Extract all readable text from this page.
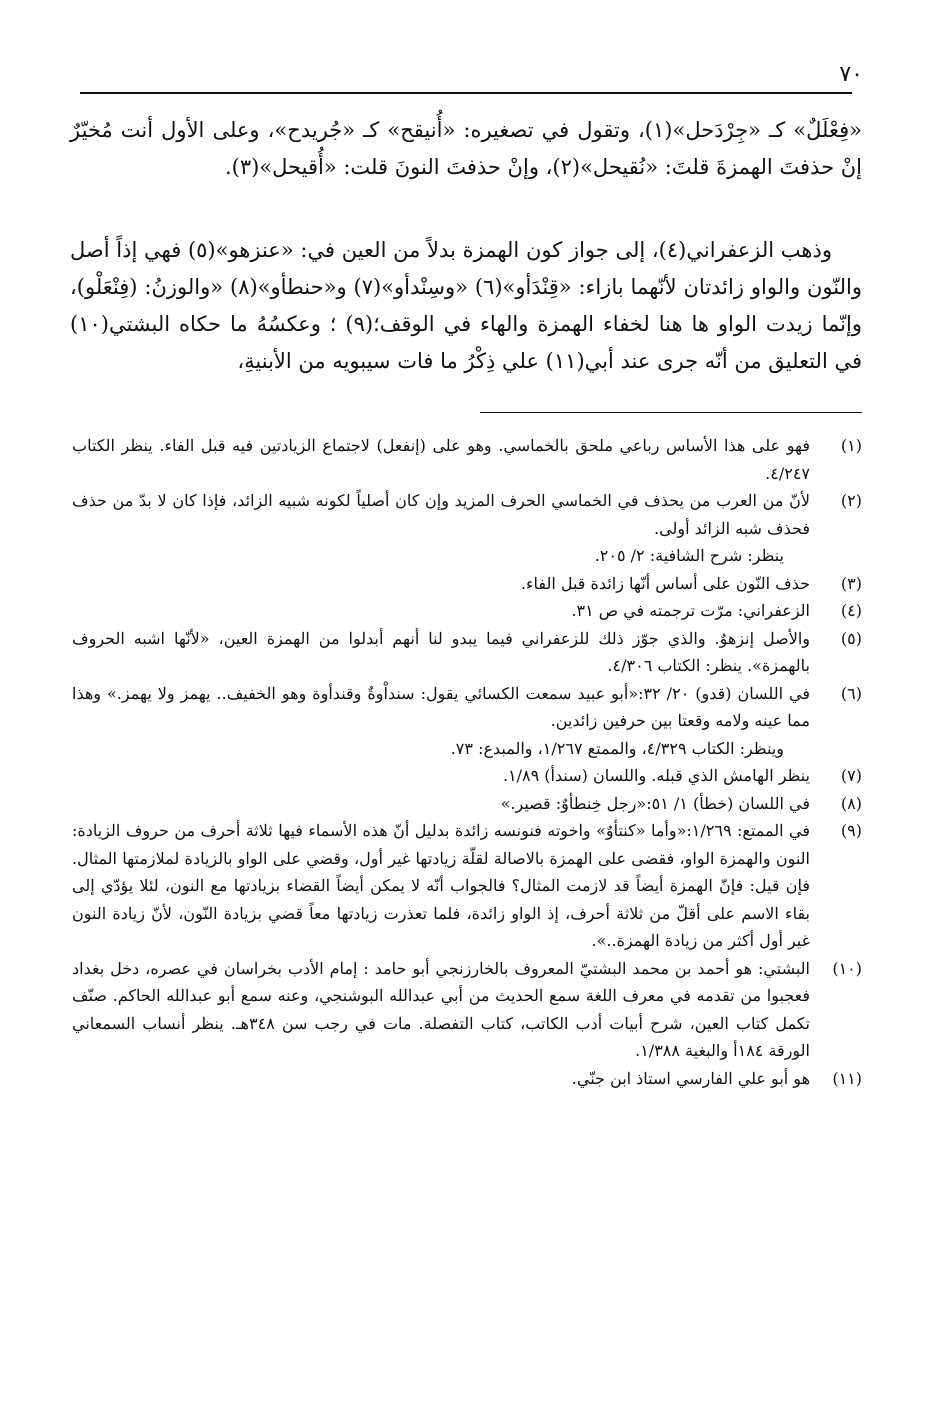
٧٠

«فِعْلَلٌ» كـ «جِرْدَحل»(١)، وتقول في تصغيره: «أُنيقح» كـ «جُريدح»، وعلى الأول أنت مُخيّرٌ إنْ حذفتَ الهمزةَ قلتَ: «نُقيحل»(٢)، وإنْ حذفتَ النونَ قلت: «أُقيحل»(٣).

وذهب الزعفراني(٤)، إلى جواز كون الهمزة بدلاً من العين في: «عنزهو»(٥) فهي إذاً أصل والنّون والواو زائدتان لأنّهما بازاء: «قِنْدَأو»(٦) «وسِنْدأو»(٧) و«حنطأو»(٨) «والوزنُ: (فِنْعَلْو)، وإنّما زيدت الواو ها هنا لخفاء الهمزة والهاء في الوقف؛(٩) ؛ وعكسُهُ ما حكاه البشتي(١٠) في التعليق من أنّه جرى عند أبي(١١) علي ذِكْرُ ما فات سيبويه من الأبنيةِ،

(١)
فهو على هذا الأساس رباعي ملحق بالخماسي. وهو على (إنفعل) لاجتماع الزيادتين فيه قبل الفاء. ينظر الكتاب ٤/٢٤٧.
(٢)
لأنّ من العرب من يحذف في الخماسي الحرف المزيد وإن كان أصلياً لكونه شبيه الزائد، فإذا كان لا بدّ من حذف فحذف شبه الزائد أولى.
ينظر: شرح الشافية: ٢/ ٢٠٥.
(٣)
حذف النّون على أساس أنّها زائدة قبل الفاء.
(٤)
الزعفراني: مرّت ترجمته في ص ٣١.
(٥)
والأصل إنزهوٌ. والذي جوّز ذلك للزعفراني فيما يبدو لنا أنهم أبدلوا من الهمزة العين، «لأنّها اشبه الحروف بالهمزة». ينظر: الكتاب ٤/٣٠٦.
(٦)
في اللسان (قدو) ٢٠/ ٣٢:«أبو عبيد سمعت الكسائي يقول: سنداْوةٌ وقندأوة وهو الخفيف.. يهمز ولا يهمز.» وهذا مما عينه ولامه وقعتا بين حرفين زائدين.
وينظر: الكتاب ٤/٣٢٩، والممتع ١/٢٦٧، والمبدع: ٧٣.
(٧)
ينظر الهامش الذي قبله. واللسان (سندأ) ١/٨٩.
(٨)
في اللسان (خطأ) ١/ ٥١:«رجل خِنطأوٌ: قصير.»
(٩)
في الممتع: ١/٢٦٩:«وأما «كنتأوٌ» واخوته فنونسه زائدة بدليل أنّ هذه الأسماء فيها ثلاثة أحرف من حروف الزيادة: النون والهمزة الواو، فقضى على الهمزة بالاصالة لقلّة زيادتها غير أول، وقضي على الواو بالزيادة لملازمتها المثال. فإن قيل: فإنّ الهمزة أيضاً قد لازمت المثال؟ فالجواب أنّه لا يمكن أيضاً القضاء بزيادتها مع النون، لئلا يؤدّي إلى بقاء الاسم على أقلّ من ثلاثة أحرف، إذ الواو زائدة، فلما تعذرت زيادتها معاً قضي بزيادة النّون، لأنّ زيادة النون غير أول أكثر من زيادة الهمزة..».
(١٠)
البشتي: هو أحمد بن محمد البشتيّ المعروف بالخارزنجي أبو حامد : إمام الأدب بخراسان في عصره، دخل بغداد فعجبوا من تقدمه في معرف اللغة سمع الحديث من أبي عبدالله البوشنجي، وعنه سمع أبو عبدالله الحاكم. صنّف تكمل كتاب العين، شرح أبيات أدب الكاتب، كتاب التفصلة. مات في رجب سن ٣٤٨هـ. ينظر أنساب السمعاني الورقة ١٨٤أ والبغية ١/٣٨٨.
(١١)
هو أبو علي الفارسي استاذ ابن جنّي.
